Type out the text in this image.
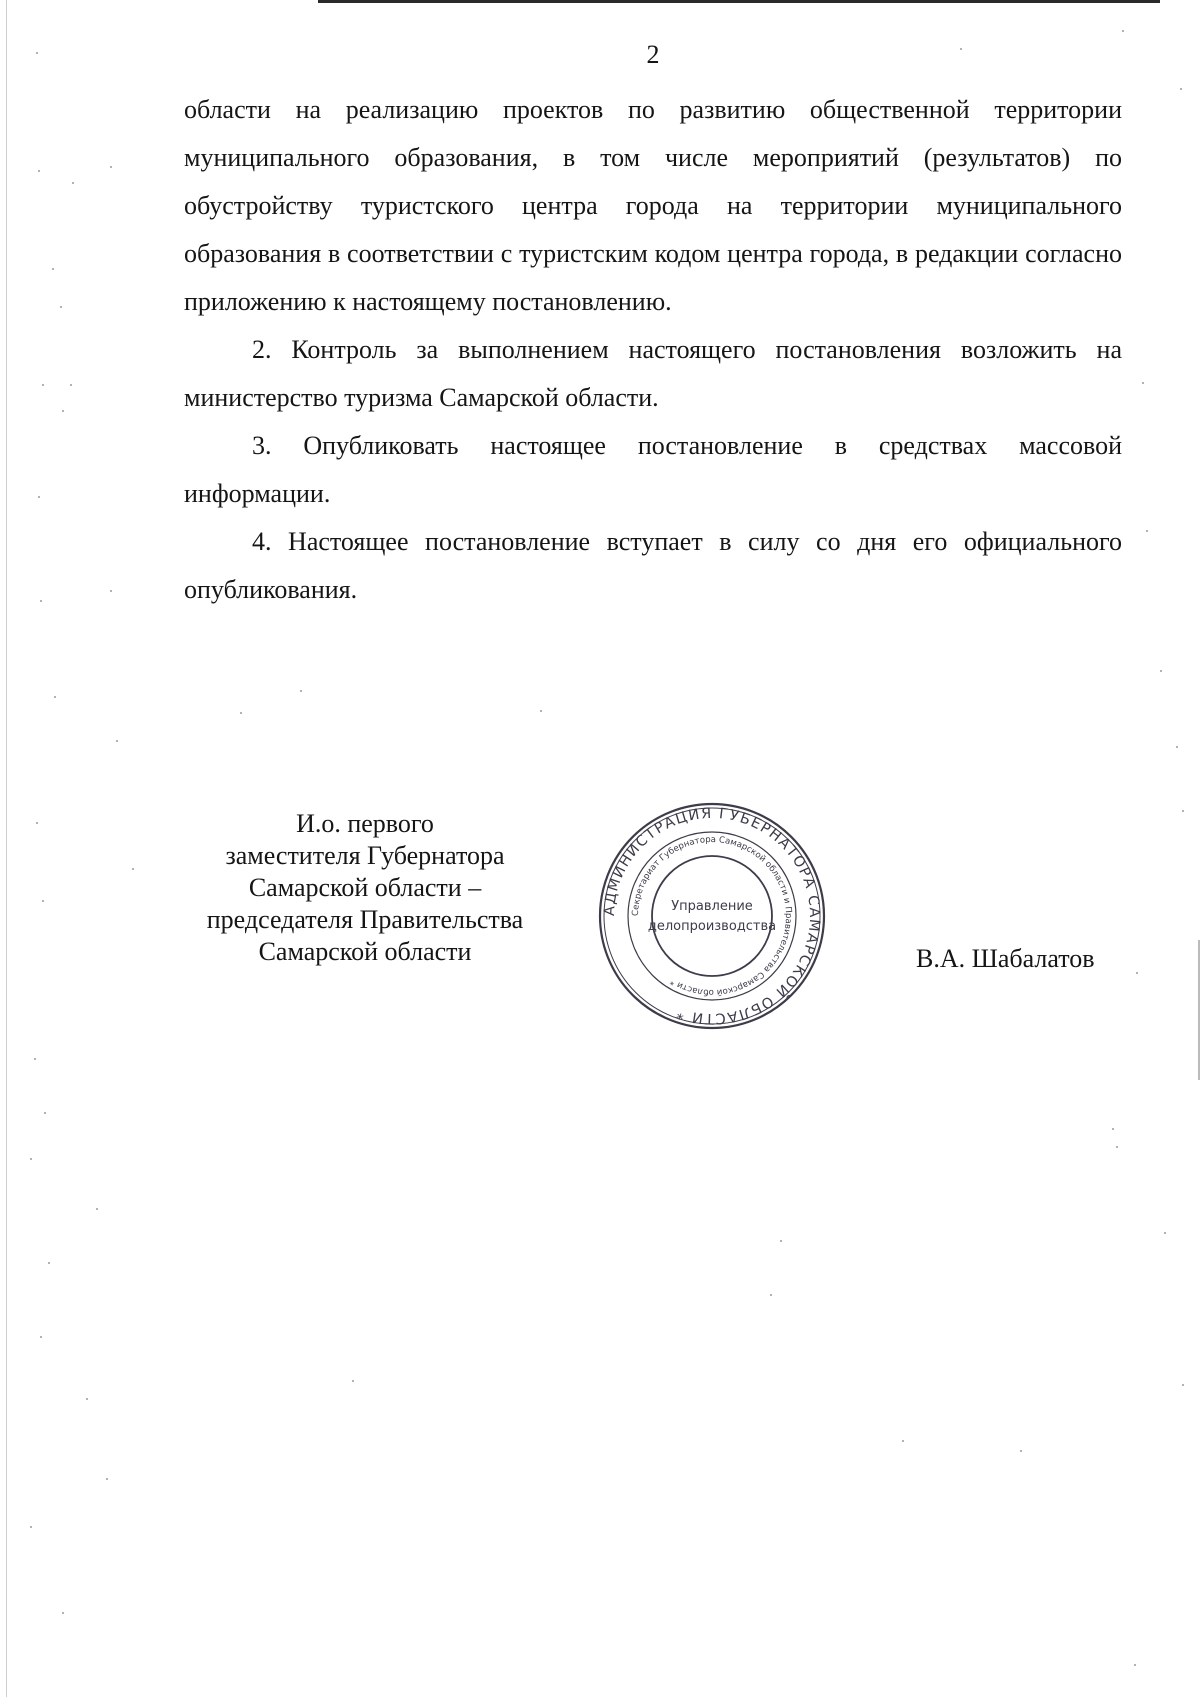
2

области на реализацию проектов по развитию общественной территории муниципального образования, в том числе мероприятий (результатов) по обустройству туристского центра города на территории муниципального образования в соответствии с туристским кодом центра города, в редакции согласно приложению к настоящему постановлению.

2. Контроль за выполнением настоящего постановления возложить на министерство туризма Самарской области.

3. Опубликовать настоящее постановление в средствах массовой информации.

4. Настоящее постановление вступает в силу со дня его официального опубликования.

И.о. первого
заместителя Губернатора
Самарской области –
председателя Правительства
Самарской области
АДМИНИСТРАЦИЯ ГУБЕРНАТОРА САМАРСКОЙ ОБЛАСТИ *
Секретариат Губернатора Самарской области и Правительства Самарской области *
Управление
делопроизводства
В.А. Шабалатов
